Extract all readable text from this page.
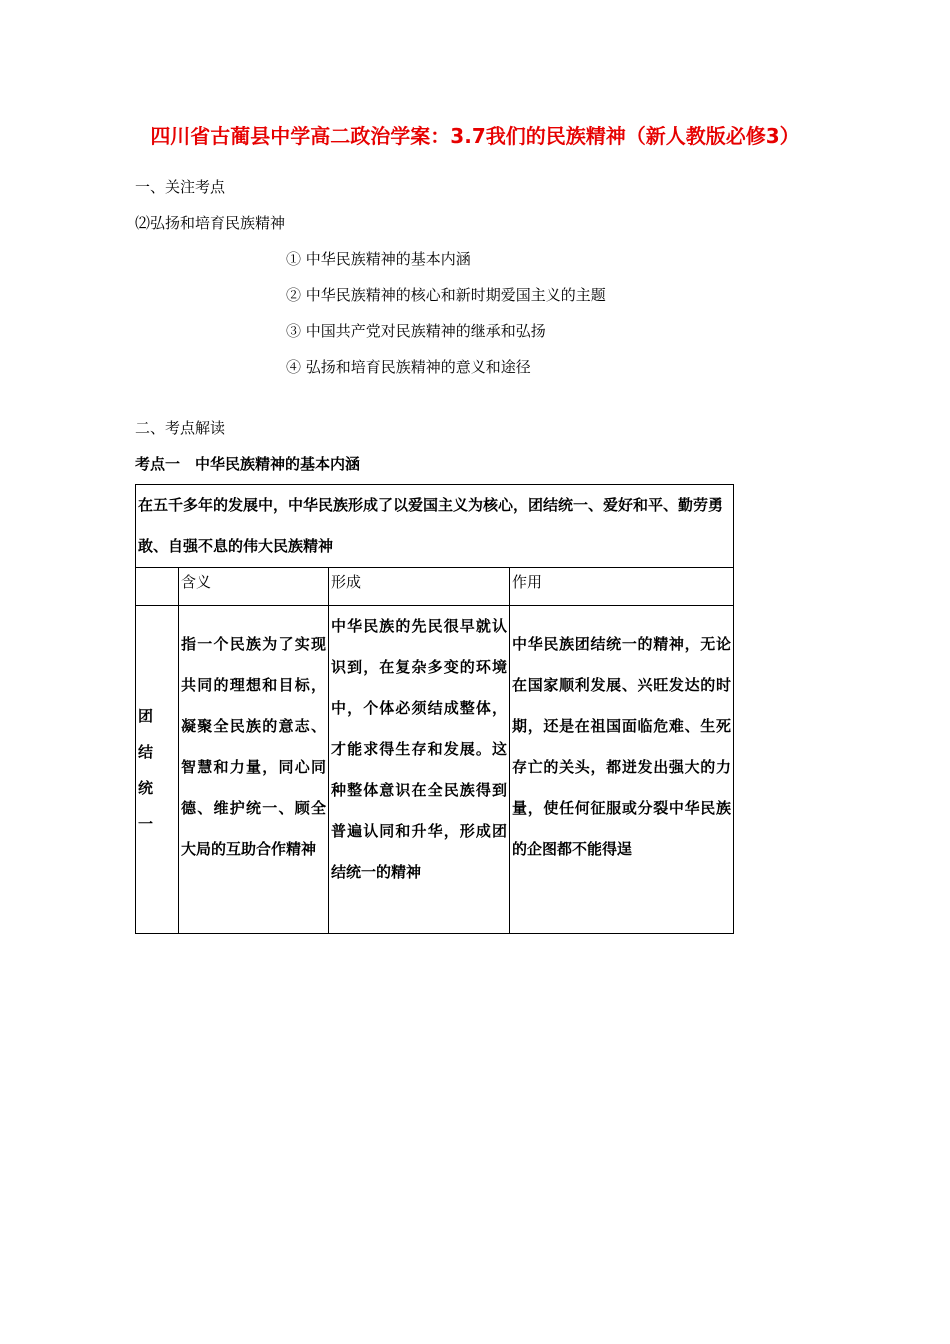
四川省古蔺县中学高二政治学案：3.7我们的民族精神（新人教版必修3）
一、关注考点
⑵弘扬和培育民族精神
① 中华民族精神的基本内涵
② 中华民族精神的核心和新时期爱国主义的主题
③ 中国共产党对民族精神的继承和弘扬
④ 弘扬和培育民族精神的意义和途径
二、考点解读
考点一　中华民族精神的基本内涵
在五千多年的发展中，中华民族形成了以爱国主义为核心，团结统一、爱好和平、勤劳勇敢、自强不息的伟大民族精神			
	含义	形成	作用

团结统一	指一个民族为了实现共同的理想和目标，凝聚全民族的意志、智慧和力量，同心同德、维护统一、顾全大局的互助合作精神	中华民族的先民很早就认识到，在复杂多变的环境中，个体必须结成整体，才能求得生存和发展。这种整体意识在全民族得到普遍认同和升华，形成团结统一的精神	中华民族团结统一的精神，无论在国家顺利发展、兴旺发达的时期，还是在祖国面临危难、生死存亡的关头，都迸发出强大的力量，使任何征服或分裂中华民族的企图都不能得逞
